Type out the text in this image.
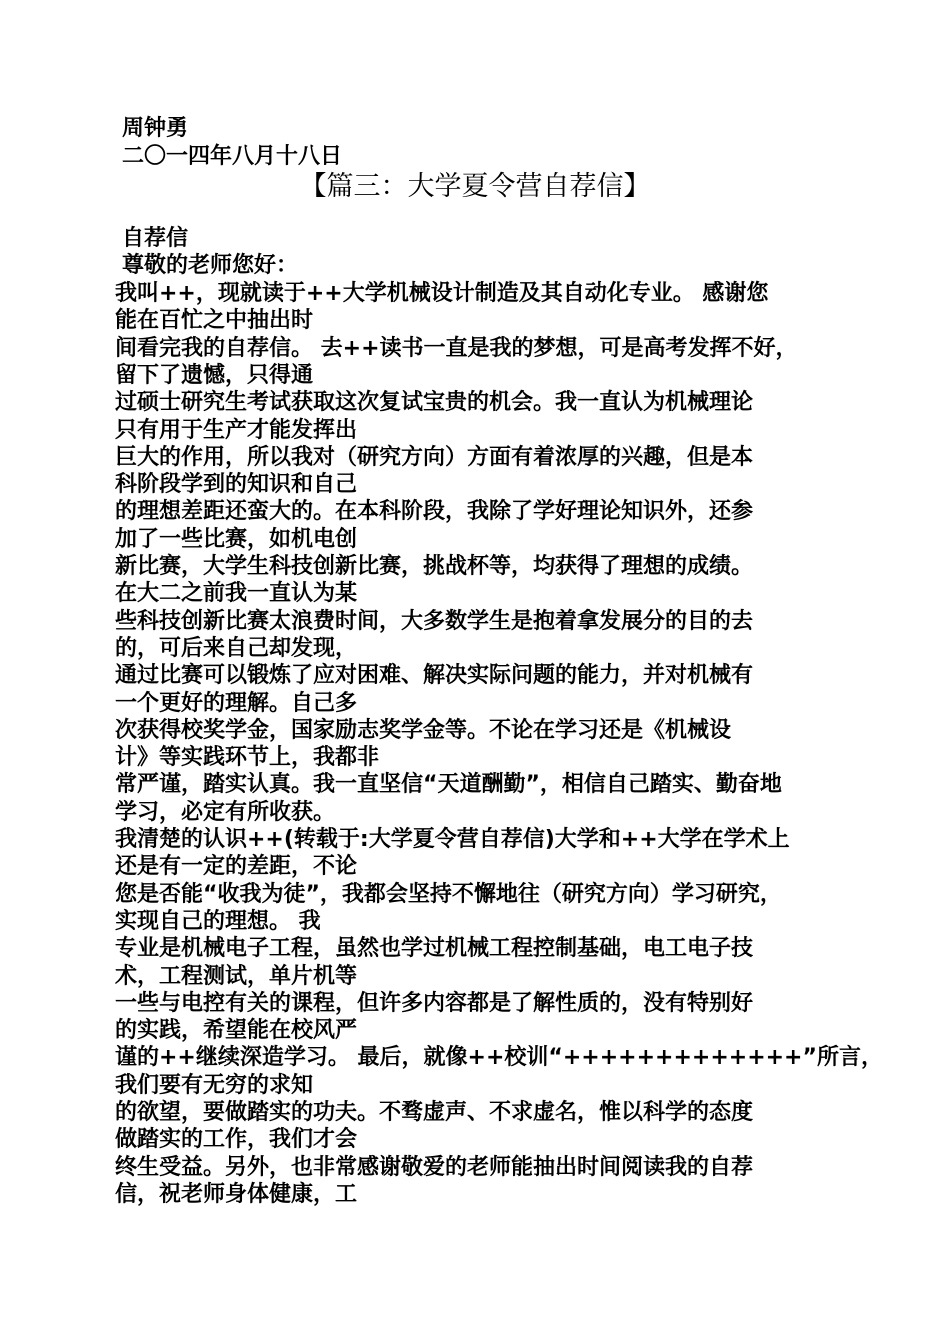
周钟勇
二〇一四年八月十八日
【篇三：大学夏令营自荐信】
自荐信
尊敬的老师您好：
我叫++，现就读于++大学机械设计制造及其自动化专业。 感谢您
能在百忙之中抽出时
间看完我的自荐信。 去++读书一直是我的梦想，可是高考发挥不好，
留下了遗憾，只得通
过硕士研究生考试获取这次复试宝贵的机会。我一直认为机械理论
只有用于生产才能发挥出
巨大的作用，所以我对（研究方向）方面有着浓厚的兴趣，但是本
科阶段学到的知识和自己
的理想差距还蛮大的。在本科阶段，我除了学好理论知识外，还参
加了一些比赛，如机电创
新比赛，大学生科技创新比赛，挑战杯等，均获得了理想的成绩。
在大二之前我一直认为某
些科技创新比赛太浪费时间，大多数学生是抱着拿发展分的目的去
的，可后来自己却发现，
通过比赛可以锻炼了应对困难、解决实际问题的能力，并对机械有
一个更好的理解。自己多
次获得校奖学金，国家励志奖学金等。不论在学习还是《机械设
计》等实践环节上，我都非
常严谨，踏实认真。我一直坚信“天道酬勤”，相信自己踏实、勤奋地
学习，必定有所收获。
我清楚的认识++(转载于:大学夏令营自荐信)大学和++大学在学术上
还是有一定的差距，不论
您是否能“收我为徒”，我都会坚持不懈地往（研究方向）学习研究，
实现自己的理想。 我
专业是机械电子工程，虽然也学过机械工程控制基础，电工电子技
术，工程测试，单片机等
一些与电控有关的课程，但许多内容都是了解性质的，没有特别好
的实践，希望能在校风严
谨的++继续深造学习。 最后，就像++校训“+++++++++++++”所言，
我们要有无穷的求知
的欲望，要做踏实的功夫。不骛虚声、不求虚名，惟以科学的态度
做踏实的工作，我们才会
终生受益。另外，也非常感谢敬爱的老师能抽出时间阅读我的自荐
信，祝老师身体健康，工
